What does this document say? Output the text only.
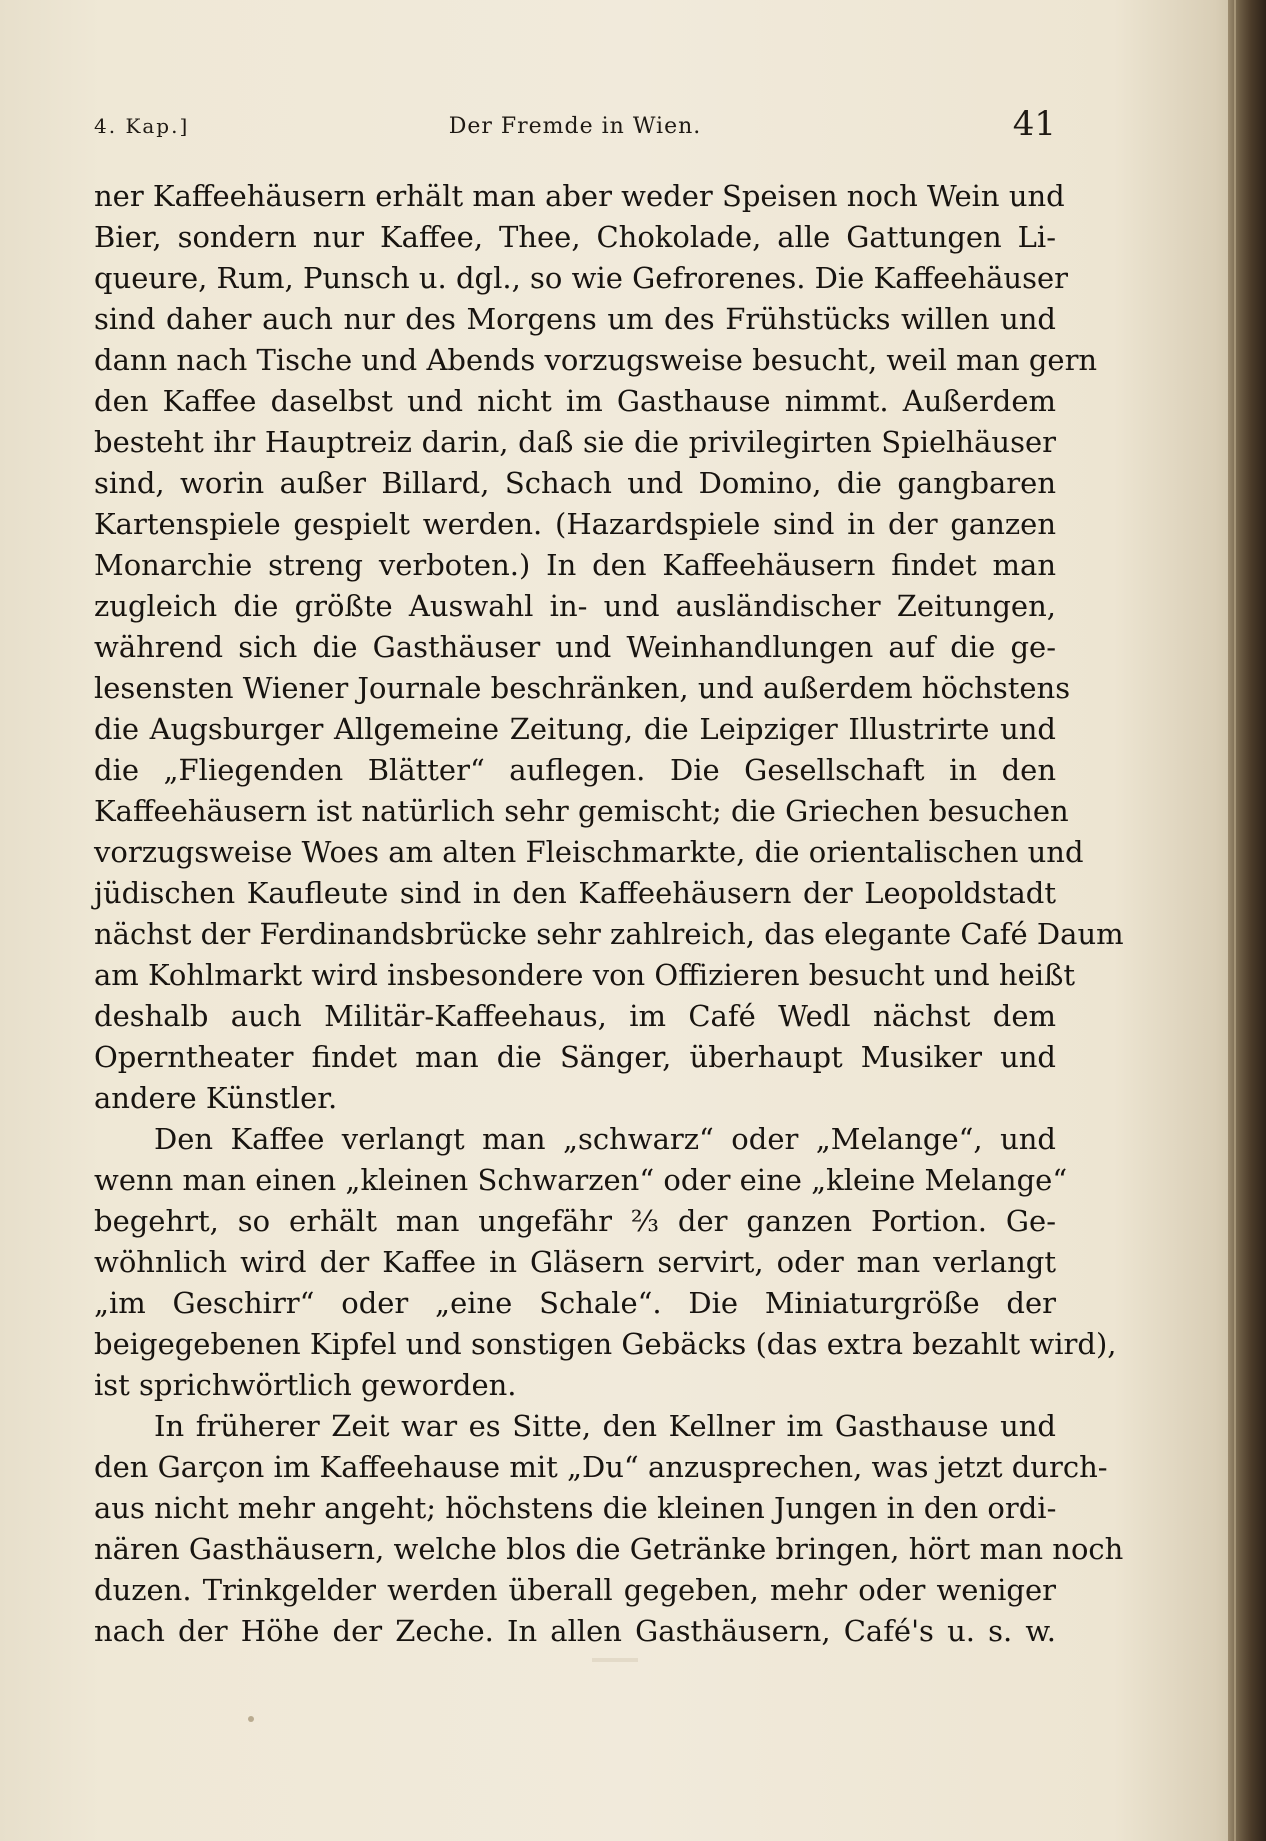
4. Kap.]	Der Fremde in Wien.	41
ner Kaffeehäusern erhält man aber weder Speisen noch Wein und
Bier, sondern nur Kaffee, Thee, Chokolade, alle Gattungen Li-
queure, Rum, Punsch u. dgl., so wie Gefrorenes. Die Kaffeehäuser
sind daher auch nur des Morgens um des Frühstücks willen und
dann nach Tische und Abends vorzugsweise besucht, weil man gern
den Kaffee daselbst und nicht im Gasthause nimmt. Außerdem
besteht ihr Hauptreiz darin, daß sie die privilegirten Spielhäuser
sind, worin außer Billard, Schach und Domino, die gangbaren
Kartenspiele gespielt werden. (Hazardspiele sind in der ganzen
Monarchie streng verboten.) In den Kaffeehäusern findet man
zugleich die größte Auswahl in- und ausländischer Zeitungen,
während sich die Gasthäuser und Weinhandlungen auf die ge-
lesensten Wiener Journale beschränken, und außerdem höchstens
die Augsburger Allgemeine Zeitung, die Leipziger Illustrirte und
die „Fliegenden Blätter“ auflegen. Die Gesellschaft in den
Kaffeehäusern ist natürlich sehr gemischt; die Griechen besuchen
vorzugsweise Woes am alten Fleischmarkte, die orientalischen und
jüdischen Kaufleute sind in den Kaffeehäusern der Leopoldstadt
nächst der Ferdinandsbrücke sehr zahlreich, das elegante Café Daum
am Kohlmarkt wird insbesondere von Offizieren besucht und heißt
deshalb auch Militär-Kaffeehaus, im Café Wedl nächst dem
Operntheater findet man die Sänger, überhaupt Musiker und
andere Künstler.
Den Kaffee verlangt man „schwarz“ oder „Melange“, und
wenn man einen „kleinen Schwarzen“ oder eine „kleine Melange“
begehrt, so erhält man ungefähr ⅔ der ganzen Portion. Ge-
wöhnlich wird der Kaffee in Gläsern servirt, oder man verlangt
„im Geschirr“ oder „eine Schale“. Die Miniaturgröße der
beigegebenen Kipfel und sonstigen Gebäcks (das extra bezahlt wird),
ist sprichwörtlich geworden.
In früherer Zeit war es Sitte, den Kellner im Gasthause und
den Garçon im Kaffeehause mit „Du“ anzusprechen, was jetzt durch-
aus nicht mehr angeht; höchstens die kleinen Jungen in den ordi-
nären Gasthäusern, welche blos die Getränke bringen, hört man noch
duzen. Trinkgelder werden überall gegeben, mehr oder weniger
nach der Höhe der Zeche. In allen Gasthäusern, Café's u. s. w.
